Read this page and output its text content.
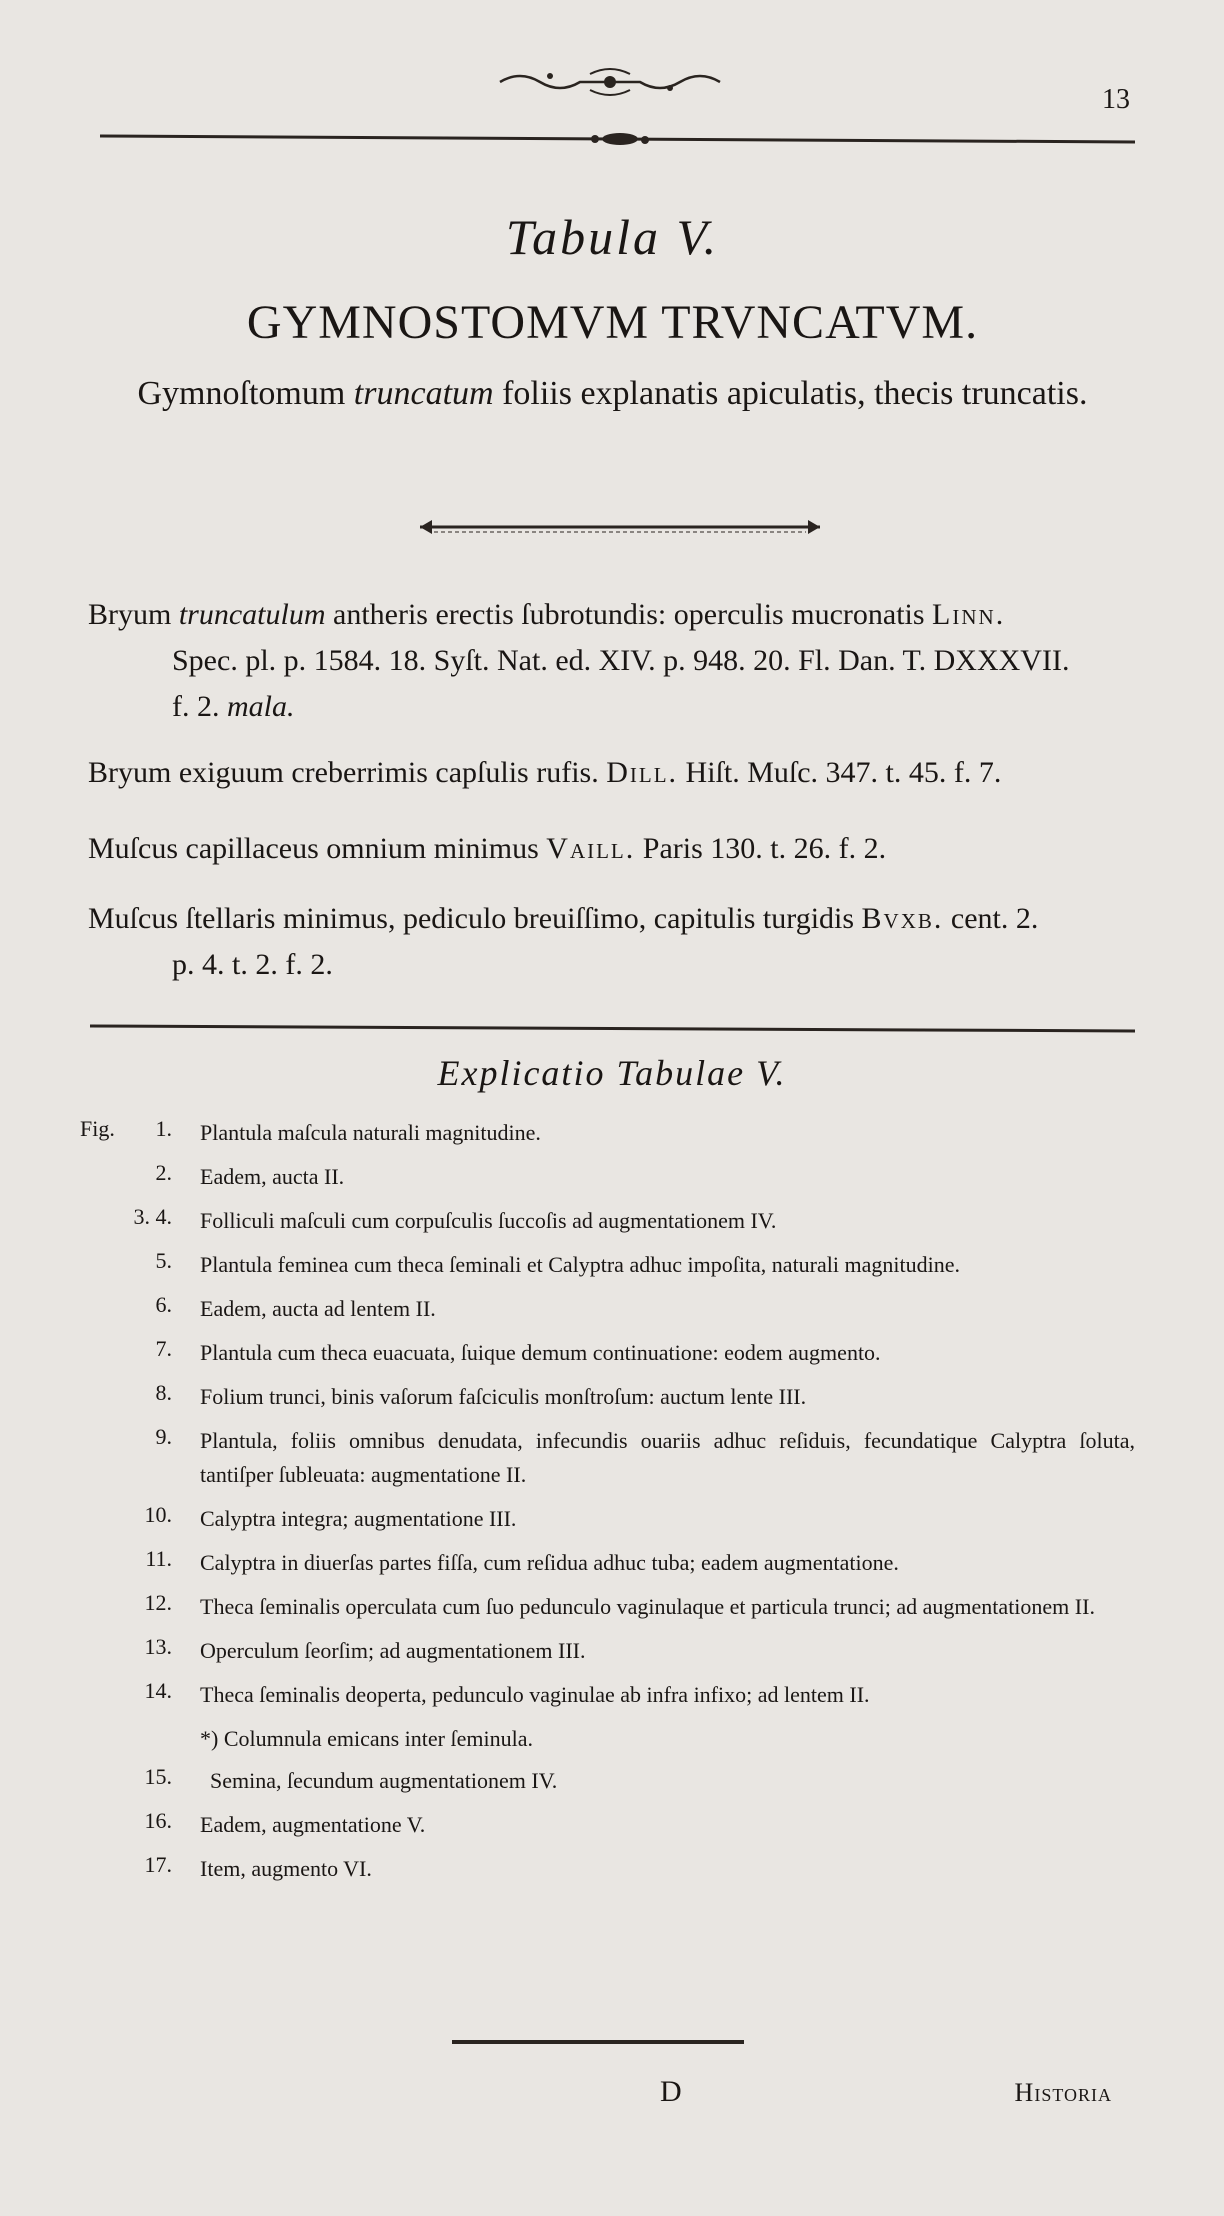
13
Tabula V.
GYMNOSTOMVM TRVNCATVM.
Gymnoſtomum truncatum foliis explanatis apiculatis, thecis truncatis.
Bryum truncatulum antheris erectis ſubrotundis: operculis mucronatis Linn.
Spec. pl. p. 1584. 18. Syſt. Nat. ed. XIV. p. 948. 20. Fl. Dan. T. DXXXVII.
f. 2. mala.
Bryum exiguum creberrimis capſulis rufis. Dill. Hiſt. Muſc. 347. t. 45. f. 7.
Muſcus capillaceus omnium minimus Vaill. Paris 130. t. 26. f. 2.
Muſcus ſtellaris minimus, pediculo breuiſſimo, capitulis turgidis Bvxb. cent. 2.
p. 4. t. 2. f. 2.
Explicatio Tabulae V.
Fig.	1. Plantula maſcula naturali magnitudine.
2. Eadem, aucta II.
3. 4. Folliculi maſculi cum corpuſculis ſuccoſis ad augmentationem IV.
5. Plantula feminea cum theca ſeminali et Calyptra adhuc impoſita, naturali magnitudine.
6. Eadem, aucta ad lentem II.
7. Plantula cum theca euacuata, ſuique demum continuatione: eodem augmento.
8. Folium trunci, binis vaſorum faſciculis monſtroſum: auctum lente III.
9. Plantula, foliis omnibus denudata, infecundis ouariis adhuc reſiduis, fecundatique Calyptra ſoluta, tantiſper ſubleuata: augmentatione II.
10. Calyptra integra; augmentatione III.
11. Calyptra in diuerſas partes fiſſa, cum reſidua adhuc tuba; eadem augmentatione.
12. Theca ſeminalis operculata cum ſuo pedunculo vaginulaque et particula trunci; ad augmentationem II.
13. Operculum ſeorſim; ad augmentationem III.
14. Theca ſeminalis deoperta, pedunculo vaginulae ab infra infixo; ad lentem II.
*) Columnula emicans inter ſeminula.
15. Semina, ſecundum augmentationem IV.
16. Eadem, augmentatione V.
17. Item, augmento VI.
D	Historia
